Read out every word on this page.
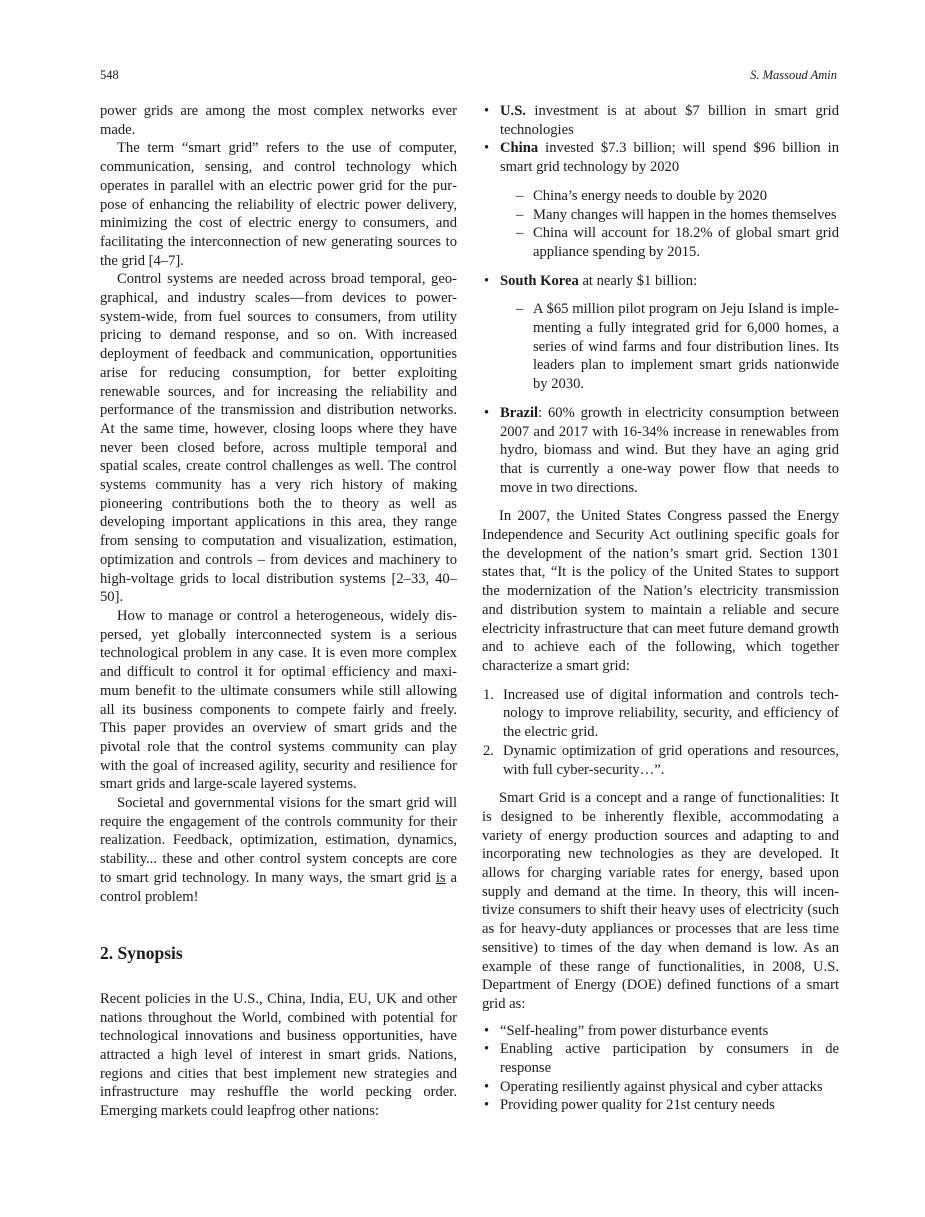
548	S. Massoud Amin

power grids are among the most complex networks ever made.

The term “smart grid” refers to the use of computer, communication, sensing, and control technology which operates in parallel with an electric power grid for the purpose of enhancing the reliability of electric power delivery, minimizing the cost of electric energy to consumers, and facilitating the interconnection of new generating sources to the grid [4–7].

Control systems are needed across broad temporal, geographical, and industry scales—from devices to power-system-wide, from fuel sources to consumers, from utility pricing to demand response, and so on. With increased deployment of feedback and communication, opportunities arise for reducing consumption, for better exploiting renewable sources, and for increasing the reliability and performance of the transmission and distribution networks. At the same time, however, closing loops where they have never been closed before, across multiple temporal and spatial scales, create control challenges as well. The control systems community has a very rich history of making pioneering contributions both the to theory as well as developing important applications in this area, they range from sensing to computation and visualization, estimation, optimization and controls – from devices and machinery to high-voltage grids to local distribution systems [2–33, 40–50].

How to manage or control a heterogeneous, widely dispersed, yet globally interconnected system is a serious technological problem in any case. It is even more complex and difficult to control it for optimal efficiency and maximum benefit to the ultimate consumers while still allowing all its business components to compete fairly and freely. This paper provides an overview of smart grids and the pivotal role that the control systems community can play with the goal of increased agility, security and resilience for smart grids and large-scale layered systems.

Societal and governmental visions for the smart grid will require the engagement of the controls community for their realization. Feedback, optimization, estimation, dynamics, stability... these and other control system concepts are core to smart grid technology. In many ways, the smart grid is a control problem!

2. Synopsis

Recent policies in the U.S., China, India, EU, UK and other nations throughout the World, combined with potential for technological innovations and business opportunities, have attracted a high level of interest in smart grids. Nations, regions and cities that best implement new strategies and infrastructure may reshuffle the world pecking order. Emerging markets could leapfrog other nations:

• U.S. investment is at about $7 billion in smart grid technologies
• China invested $7.3 billion; will spend $96 billion in smart grid technology by 2020
– China’s energy needs to double by 2020
– Many changes will happen in the homes themselves
– China will account for 18.2% of global smart grid appliance spending by 2015.
• South Korea at nearly $1 billion:
– A $65 million pilot program on Jeju Island is implementing a fully integrated grid for 6,000 homes, a series of wind farms and four distribution lines. Its leaders plan to implement smart grids nationwide by 2030.
• Brazil: 60% growth in electricity consumption between 2007 and 2017 with 16-34% increase in renewables from hydro, biomass and wind. But they have an aging grid that is currently a one-way power flow that needs to move in two directions.

In 2007, the United States Congress passed the Energy Independence and Security Act outlining specific goals for the development of the nation’s smart grid. Section 1301 states that, “It is the policy of the United States to support the modernization of the Nation’s electricity transmission and distribution system to maintain a reliable and secure electricity infrastructure that can meet future demand growth and to achieve each of the following, which together characterize a smart grid:

1. Increased use of digital information and controls technology to improve reliability, security, and efficiency of the electric grid.
2. Dynamic optimization of grid operations and resources, with full cyber-security…”.

Smart Grid is a concept and a range of functionalities: It is designed to be inherently flexible, accommodating a variety of energy production sources and adapting to and incorporating new technologies as they are developed. It allows for charging variable rates for energy, based upon supply and demand at the time. In theory, this will incentivize consumers to shift their heavy uses of electricity (such as for heavy-duty appliances or processes that are less time sensitive) to times of the day when demand is low. As an example of these range of functionalities, in 2008, U.S. Department of Energy (DOE) defined functions of a smart grid as:

• “Self-healing” from power disturbance events
• Enabling active participation by consumers in de response
• Operating resiliently against physical and cyber attacks
• Providing power quality for 21st century needs
